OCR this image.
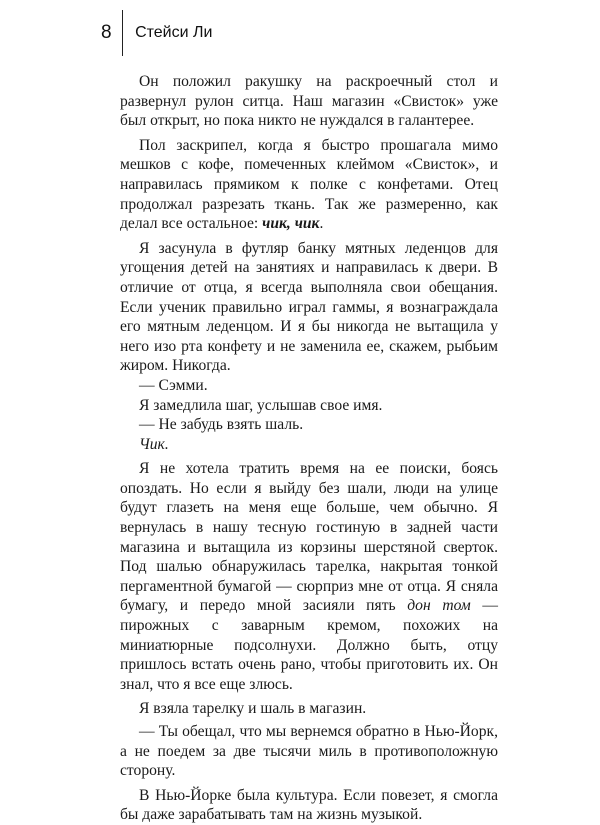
8	Стейси Ли

Он положил ракушку на раскроечный стол и развернул рулон ситца. Наш магазин «Свисток» уже был открыт, но пока никто не нуждался в галантерее.

Пол заскрипел, когда я быстро прошагала мимо мешков с кофе, помеченных клеймом «Свисток», и направилась прямиком к полке с конфетами. Отец продолжал разрезать ткань. Так же размеренно, как делал все остальное: чик, чик.

Я засунула в футляр банку мятных леденцов для угощения детей на занятиях и направилась к двери. В отличие от отца, я всегда выполняла свои обещания. Если ученик правильно играл гаммы, я вознаграждала его мятным леденцом. И я бы никогда не вытащила у него изо рта конфету и не заменила ее, скажем, рыбьим жиром. Никогда.

— Сэмми.

Я замедлила шаг, услышав свое имя.

— Не забудь взять шаль.

Чик.

Я не хотела тратить время на ее поиски, боясь опоздать. Но если я выйду без шали, люди на улице будут глазеть на меня еще больше, чем обычно. Я вернулась в нашу тесную гостиную в задней части магазина и вытащила из корзины шерстяной сверток. Под шалью обнаружилась тарелка, накрытая тонкой пергаментной бумагой — сюрприз мне от отца. Я сняла бумагу, и передо мной засияли пять дон том — пирожных с заварным кремом, похожих на миниатюрные подсолнухи. Должно быть, отцу пришлось встать очень рано, чтобы приготовить их. Он знал, что я все еще злюсь.

Я взяла тарелку и шаль в магазин.

— Ты обещал, что мы вернемся обратно в Нью-Йорк, а не поедем за две тысячи миль в противоположную сторону.

В Нью-Йорке была культура. Если повезет, я смогла бы даже зарабатывать там на жизнь музыкой.
